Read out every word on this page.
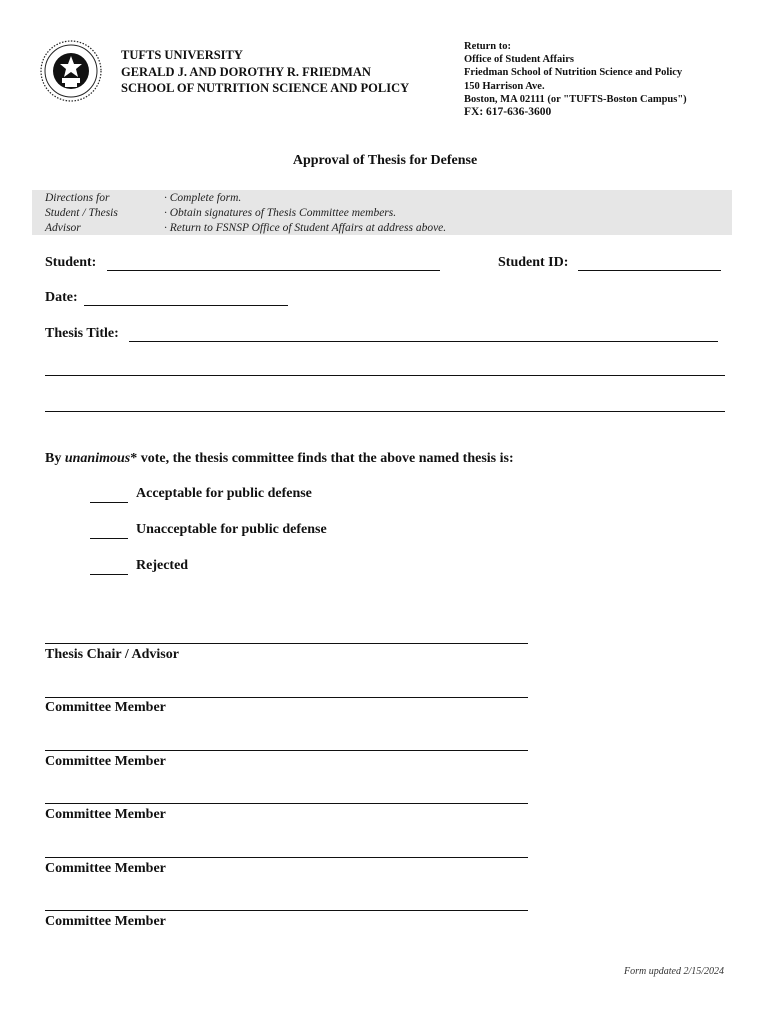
TUFTS UNIVERSITY
GERALD J. AND DOROTHY R. FRIEDMAN
SCHOOL OF NUTRITION SCIENCE AND POLICY
Return to:
Office of Student Affairs
Friedman School of Nutrition Science and Policy
150 Harrison Ave.
Boston, MA 02111 (or "TUFTS-Boston Campus")
FX: 617-636-3600
Approval of Thesis for Defense
Directions for
Student / Thesis
Advisor
· Complete form.
· Obtain signatures of Thesis Committee members.
· Return to FSNSP Office of Student Affairs at address above.
Student:	Student ID:
Date:
Thesis Title:
By unanimous* vote, the thesis committee finds that the above named thesis is:
Acceptable for public defense
Unacceptable for public defense
Rejected
Thesis Chair / Advisor
Committee Member
Committee Member
Committee Member
Committee Member
Committee Member
Form updated 2/15/2024
